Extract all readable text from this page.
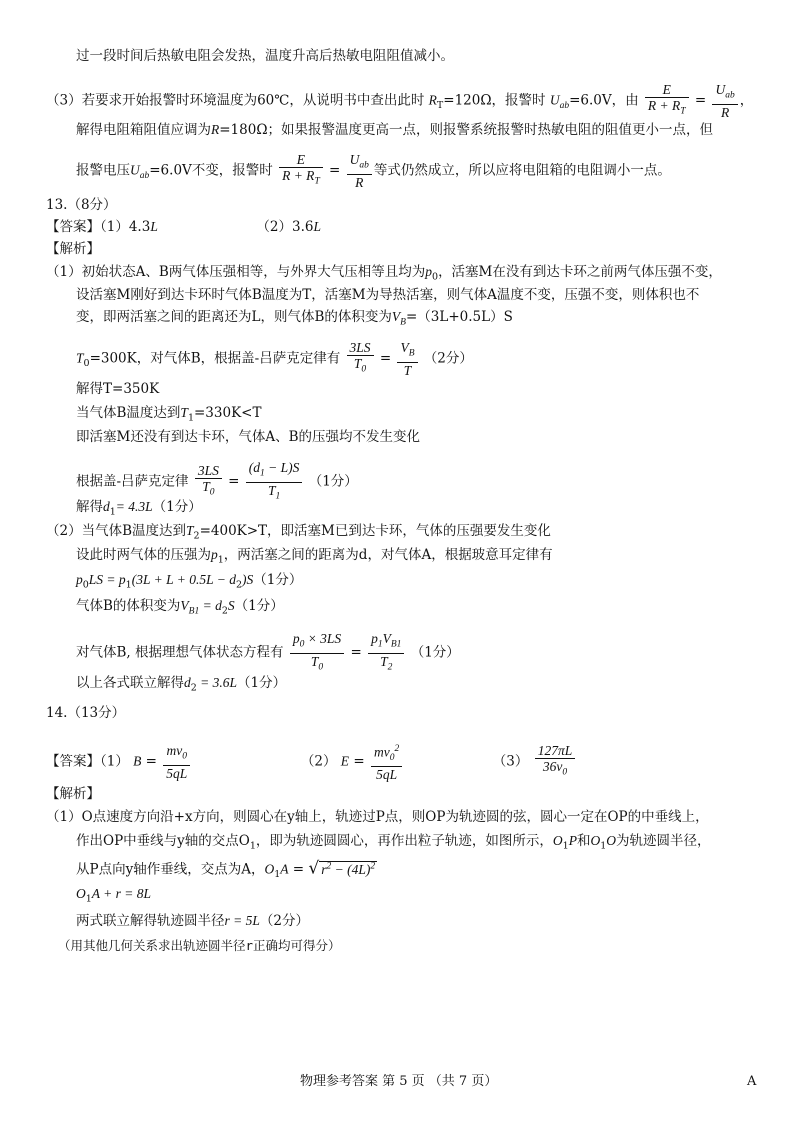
过一段时间后热敏电阻会发热，温度升高后热敏电阻阻值减小。
（3）若要求开始报警时环境温度为60℃，从说明书中查出此时 $R_T=120\Omega$，报警时 $U_{ab}=6.0V$，由 $\frac{E}{R + R_T} = \frac{U_{ab}}{R}$ ，
解得电阻箱阻值应调为R=180Ω；如果报警温度更高一点，则报警系统报警时热敏电阻的阻值更小一点，但
报警电压$U_{ab}=6.0V$不变，报警时 $\frac{E}{R + R_T} = \frac{U_{ab}}{R}$ 等式仍然成立，所以应将电阻箱的电阻调小一点。
13.（8分）
【答案】（1）4.3L	（2）3.6L
【解析】
（1）初始状态A、B两气体压强相等，与外界大气压相等且均为$p_0$，活塞M在没有到达卡环之前两气体压强不变，
设活塞M刚好到达卡环时气体B温度为T，活塞M为导热活塞，则气体A温度不变，压强不变，则体积也不
变，即两活塞之间的距离还为L，则气体B的体积变为$V_B=(3L+0.5L)S$
$T_0=300K$，对气体B，根据盖-吕萨克定律有 $\frac{3LS}{T_0} = \frac{V_B}{T} (2$分）
解得T=350K
当气体B温度达到$T_1=330K<T$
即活塞M还没有到达卡环，气体A、B的压强均不发生变化
根据盖-吕萨克定律 $\frac{3LS}{T_0} = \frac{(d_1 - L)S}{T_1} (1$分）
解得$d_1= 4.3L(1$分）
（2）当气体B温度达到$T_2=400K>T$，即活塞M已到达卡环，气体的压强要发生变化
设此时两气体的压强为$p_1$，两活塞之间的距离为d，对气体A，根据玻意耳定律有
$p_0LS = p_1(3L + L + 0.5L - d_2)S(1$分）
气体B的体积变为$V_{B1} = d_2S(1$分）
对气体B, 根据理想气体状态方程有 $\frac{p_0 \times 3LS}{T_0} = \frac{p_1V_{B1}}{T_2} (1$分）
以上各式联立解得$d_2 = 3.6L(1$分）
14.（13分）
【答案】（1） $B = \frac{mv_0}{5qL}$	（2） $E = \frac{mv_0^2}{5qL}$	$(3) \frac{127\pi L}{36v_0}$
【解析】
（1）O点速度方向沿+x方向，则圆心在y轴上，轨迹过P点，则OP为轨迹圆的弦，圆心一定在OP的中垂线上，
作出OP中垂线与y轴的交点$O_1$，即为轨迹圆圆心，再作出粒子轨迹，如图所示，$O_1P$和$O_1O$为轨迹圆半径，
从P点向y轴作垂线，交点为A，$O_1A$ = √ $r^2 - (4L)^2$
$O_1A + r = 8L$
两式联立解得轨迹圆半径r = 5L（2分）
（用其他几何关系求出轨迹圆半径r正确均可得分）
物理参考答案 第 5 页 （共 7 页）	A
